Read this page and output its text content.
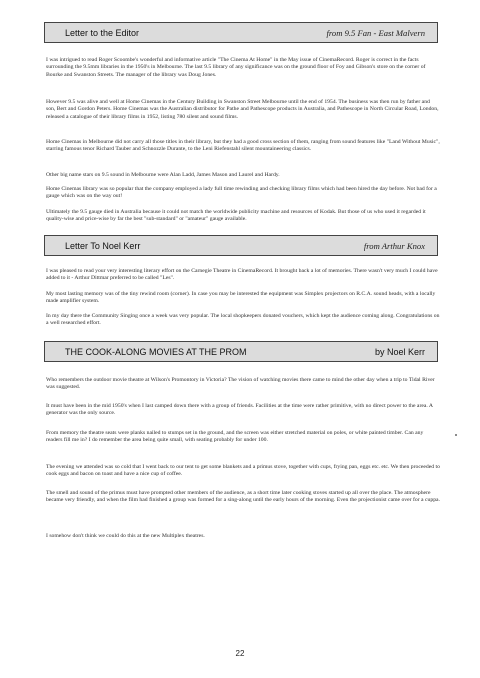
Letter to the Editor	from 9.5 Fan - East Malvern

I was intrigued to read Roger Scoombe's wonderful and informative article "The Cinema At Home" in the May issue of CinemaRecord. Roger is correct in the facts surrounding the 9.5mm libraries in the 1950's in Melbourne. The last 9.5 library of any significance was on the ground floor of Foy and Gibson's store on the corner of Bourke and Swanston Streets. The manager of the library was Doug Jones.

However 9.5 was alive and well at Home Cinemas in the Century Building in Swanston Street Melbourne until the end of 1954. The business was then run by father and son, Bert and Gordon Peters. Home Cinemas was the Australian distributor for Pathe and Pathescope products in Australia, and Pathescope in North Circular Road, London, released a catalogue of their library films in 1952, listing 780 silent and sound films.

Home Cinemas in Melbourne did not carry all those titles in their library, but they had a good cross section of them, ranging from sound features like "Land Without Music", starring famous tenor Richard Tauber and Schnozzle Durante, to the Leni Riefenstahl silent mountaineering classics.

Other big name stars on 9.5 sound in Melbourne were Alan Ladd, James Mason and Laurel and Hardy.

Home Cinemas library was so popular that the company employed a lady full time rewinding and checking library films which had been hired the day before. Not bad for a gauge which was on the way out!

Ultimately the 9.5 gauge died in Australia because it could not match the worldwide publicity machine and resources of Kodak. But those of us who used it regarded it quality-wise and price-wise by far the best "sub-standard" or "amateur" gauge available.

Letter To Noel Kerr	from Arthur Knox

I was pleased to read your very interesting literary effort on the Carnegie Theatre in CinemaRecord. It brought back a lot of memories. There wasn't very much I could have added to it - Arthur Dittmar preferred to be called "Les".

My most lasting memory was of the tiny rewind room (corner). In case you may be interested the equipment was Simplex projectors on R.C.A. sound heads, with a locally made amplifier system.

In my day there the Community Singing once a week was very popular. The local shopkeepers donated vouchers, which kept the audience coming along. Congratulations on a well researched effort.

THE COOK-ALONG MOVIES AT THE PROM	by Noel Kerr

Who remembers the outdoor movie theatre at Wilson's Promontory in Victoria? The vision of watching movies there came to mind the other day when a trip to Tidal River was suggested.

It must have been in the mid 1950's when I last camped down there with a group of friends. Facilities at the time were rather primitive, with no direct power to the area. A generator was the only source.

From memory the theatre seats were planks nailed to stumps set in the ground, and the screen was either stretched material on poles, or white painted timber. Can any readers fill me in? I do remember the area being quite small, with seating probably for under 100.

The evening we attended was so cold that I went back to our tent to get some blankets and a primus stove, together with cups, frying pan, eggs etc. etc. We then proceeded to cook eggs and bacon on toast and have a nice cup of coffee.

The smell and sound of the primus must have prompted other members of the audience, as a short time later cooking stoves started up all over the place. The atmosphere became very friendly, and when the film had finished a group was formed for a sing-along until the early hours of the morning. Even the projectionist came over for a cuppa.

I somehow don't think we could do this at the new Multiplex theatres.

22
